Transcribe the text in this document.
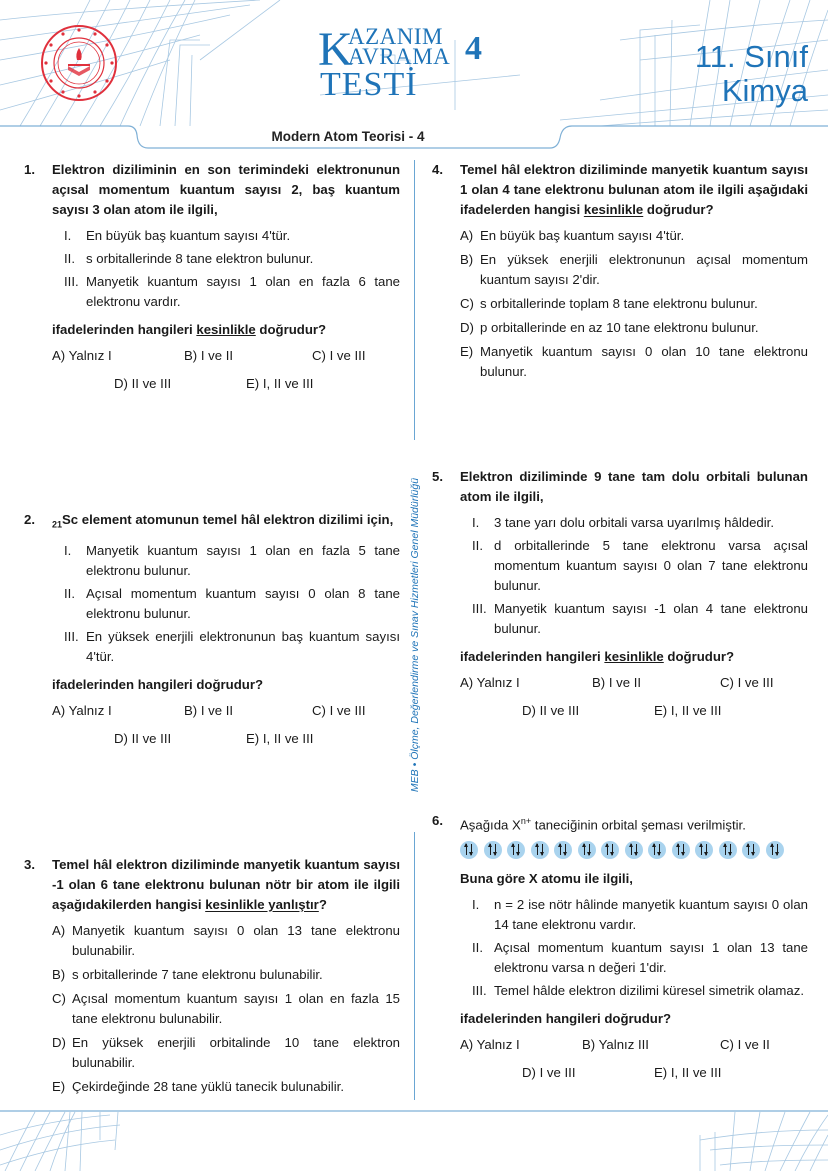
K
AZANIM
AVRAMA
TESTİ
4	11. Sınıf
Kimya
Modern Atom Teorisi - 4
MEB • Ölçme, Değerlendirme ve Sınav Hizmetleri Genel Müdürlüğü
1. Elektron diziliminin en son terimindeki elektronunun açısal momentum kuantum sayısı 2, baş kuantum sayısı 3 olan atom ile ilgili,
I.	En büyük baş kuantum sayısı 4'tür.
II. s orbitallerinde 8 tane elektron bulunur.
III. Manyetik kuantum sayısı 1 olan en fazla 6 tane elektronu vardır.
ifadelerinden hangileri kesinlikle doğrudur?
A) Yalnız I	B) I ve II	C) I ve III
D) II ve III	E) I, II ve III
2. $_{21}$Sc element atomunun temel hâl elektron dizilimi için,
I.	Manyetik kuantum sayısı 1 olan en fazla 5 tane elektronu bulunur.
II. Açısal momentum kuantum sayısı 0 olan 8 tane elektronu bulunur.
III. En yüksek enerjili elektronunun baş kuantum sayısı 4'tür.
ifadelerinden hangileri doğrudur?
A) Yalnız I	B) I ve II	C) I ve III
D) II ve III	E) I, II ve III
3. Temel hâl elektron diziliminde manyetik kuantum sayısı -1 olan 6 tane elektronu bulunan nötr bir atom ile ilgili aşağıdakilerden hangisi kesinlikle yanlıştır?
A) Manyetik kuantum sayısı 0 olan 13 tane elektronu bulunabilir.
B) s orbitallerinde 7 tane elektronu bulunabilir.
C) Açısal momentum kuantum sayısı 1 olan en fazla 15 tane elektronu bulunabilir.
D) En yüksek enerjili orbitalinde 10 tane elektron bulunabilir.
E) Çekirdeğinde 28 tane yüklü tanecik bulunabilir.
4. Temel hâl elektron diziliminde manyetik kuantum sayısı 1 olan 4 tane elektronu bulunan atom ile ilgili aşağıdaki ifadelerden hangisi kesinlikle doğrudur?
A) En büyük baş kuantum sayısı 4'tür.
B) En yüksek enerjili elektronunun açısal momentum kuantum sayısı 2'dir.
C) s orbitallerinde toplam 8 tane elektronu bulunur.
D) p orbitallerinde en az 10 tane elektronu bulunur.
E) Manyetik kuantum sayısı 0 olan 10 tane elektronu bulunur.
5. Elektron diziliminde 9 tane tam dolu orbitali bulunan atom ile ilgili,
I.	3 tane yarı dolu orbitali varsa uyarılmış hâldedir.
II. d orbitallerinde 5 tane elektronu varsa açısal momentum kuantum sayısı 0 olan 7 tane elektronu bulunur.
III. Manyetik kuantum sayısı -1 olan 4 tane elektronu bulunur.
ifadelerinden hangileri kesinlikle doğrudur?
A) Yalnız I	B) I ve II	C) I ve III
D) II ve III	E) I, II ve III
6. Aşağıda $X^{n+}$ taneciğinin orbital şeması verilmiştir.
Buna göre X atomu ile ilgili,
I.	n = 2 ise nötr hâlinde manyetik kuantum sayısı 0 olan 14 tane elektronu vardır.
II. Açısal momentum kuantum sayısı 1 olan 13 tane elektronu varsa n değeri 1'dir.
III. Temel hâlde elektron dizilimi küresel simetrik olamaz.
ifadelerinden hangileri doğrudur?
A) Yalnız I	B) Yalnız III	C) I ve II
D) I ve III	E) I, II ve III
